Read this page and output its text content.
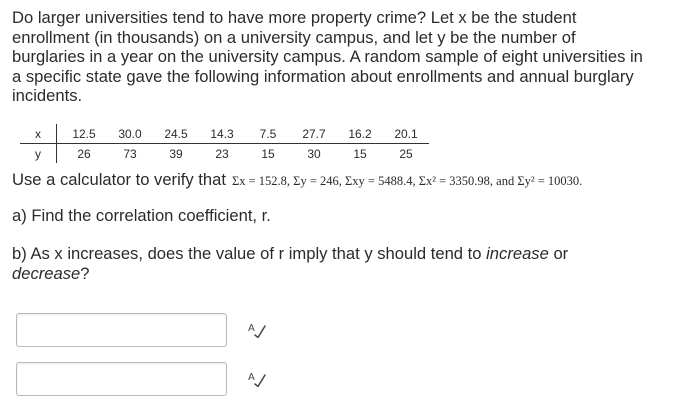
Do larger universities tend to have more property crime? Let x be the student enrollment (in thousands) on a university campus, and let y be the number of burglaries in a year on the university campus. A random sample of eight universities in a specific state gave the following information about enrollments and annual burglary incidents.

x		12.5	30.0	24.5	14.3	7.5	27.7	16.2	20.1
y		26	73	39	23	15	30	15	25
Use a calculator to verify that Σx = 152.8, Σy = 246, Σxy = 5488.4, Σx² = 3350.98, and Σy² = 10030.

a) Find the correlation coefficient, r.

b) As x increases, does the value of r imply that y should tend to increase or decrease?

A
A
